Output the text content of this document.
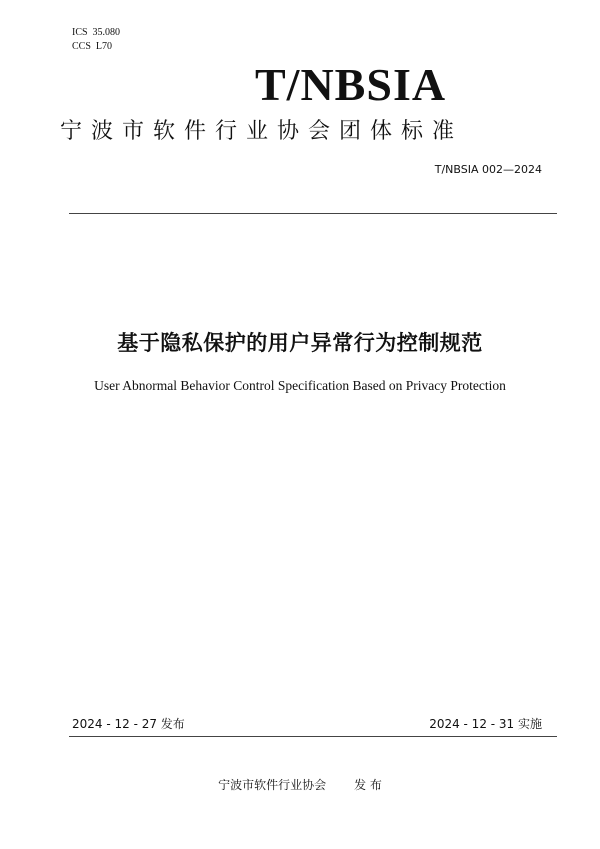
ICS  35.080
CCS  L70
T/NBSIA
宁波市软件行业协会团体标准
T/NBSIA 002—2024
基于隐私保护的用户异常行为控制规范
User Abnormal Behavior Control Specification Based on Privacy Protection
2024 - 12 - 27 发布	2024 - 12 - 31 实施
宁波市软件行业协会 发 布
